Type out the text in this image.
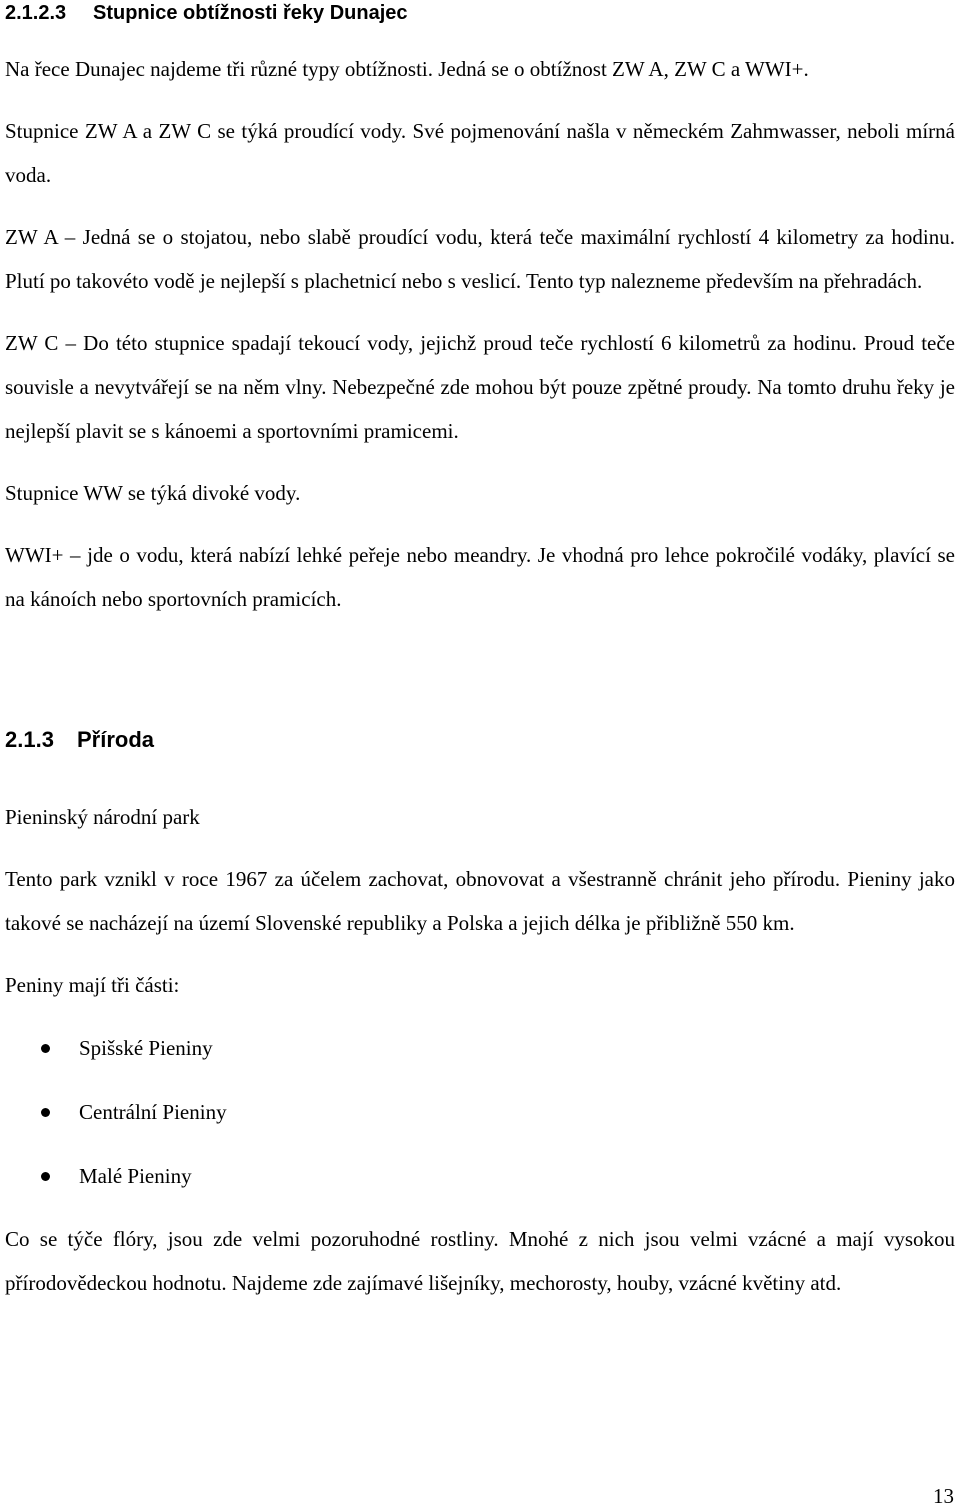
2.1.2.3 Stupnice obtížnosti řeky Dunajec

Na řece Dunajec najdeme tři různé typy obtížnosti. Jedná se o obtížnost ZW A, ZW C a WWI+.

Stupnice ZW A a ZW C se týká proudící vody. Své pojmenování našla v německém Zahmwasser, neboli mírná voda.

ZW A – Jedná se o stojatou, nebo slabě proudící vodu, která teče maximální rychlostí 4 kilometry za hodinu. Plutí po takovéto vodě je nejlepší s plachetnicí nebo s veslicí. Tento typ nalezneme především na přehradách.

ZW C – Do této stupnice spadají tekoucí vody, jejichž proud teče rychlostí 6 kilometrů za hodinu. Proud teče souvisle a nevytvářejí se na něm vlny. Nebezpečné zde mohou být pouze zpětné proudy. Na tomto druhu řeky je nejlepší plavit se s kánoemi a sportovními pramicemi.

Stupnice WW se týká divoké vody.

WWI+ – jde o vodu, která nabízí lehké peřeje nebo meandry. Je vhodná pro lehce pokročilé vodáky, plavící se na kánoích nebo sportovních pramicích.

2.1.3 Příroda

Pieninský národní park

Tento park vznikl v roce 1967 za účelem zachovat, obnovovat a všestranně chránit jeho přírodu. Pieniny jako takové se nacházejí na území Slovenské republiky a Polska a jejich délka je přibližně 550 km.

Peniny mají tři části:

Spišské Pieniny
Centrální Pieniny
Malé Pieniny

Co se týče flóry, jsou zde velmi pozoruhodné rostliny. Mnohé z nich jsou velmi vzácné a mají vysokou přírodovědeckou hodnotu. Najdeme zde zajímavé lišejníky, mechorosty, houby, vzácné květiny atd.

13
